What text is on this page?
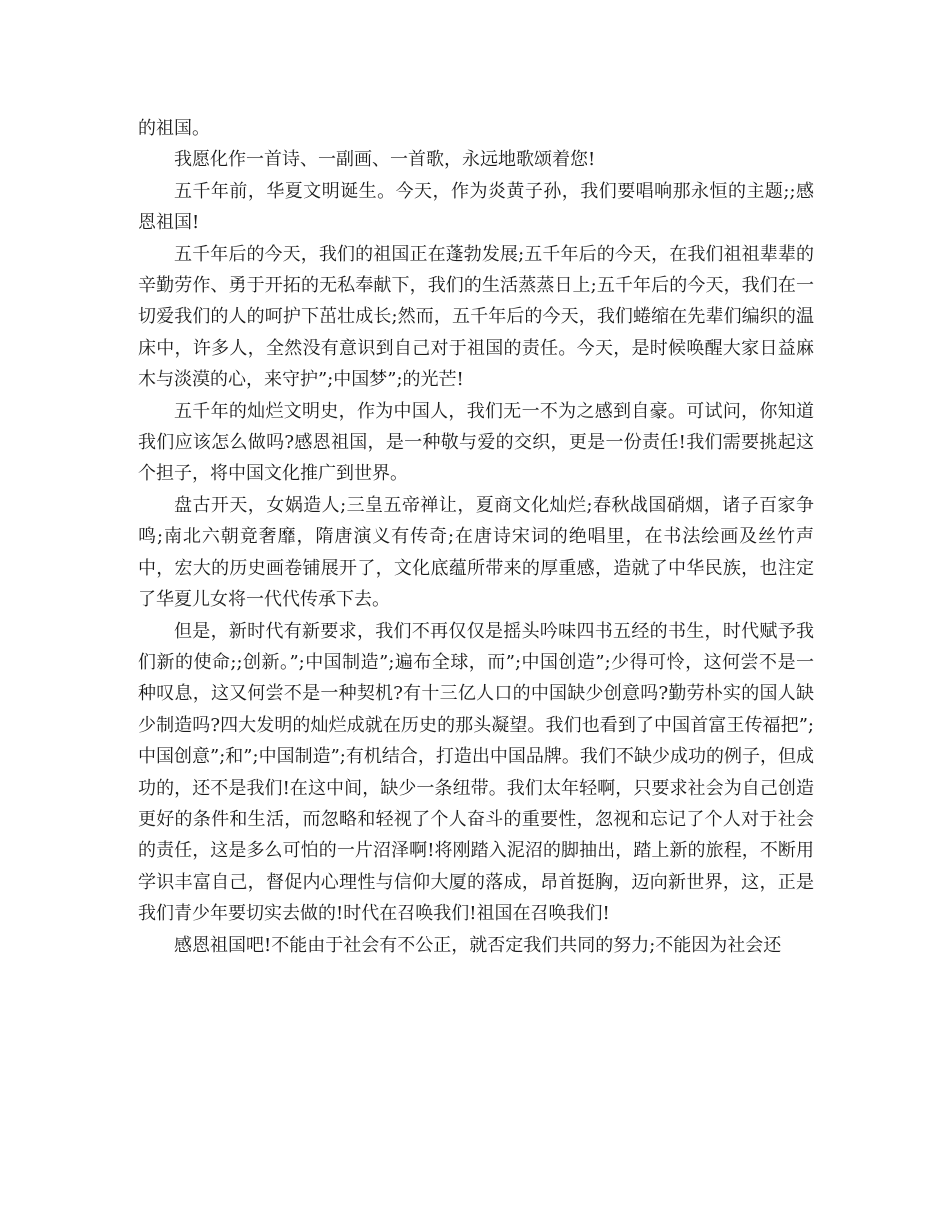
的祖国。

我愿化作一首诗、一副画、一首歌，永远地歌颂着您!

五千年前，华夏文明诞生。今天，作为炎黄子孙，我们要唱响那永恒的主题;;感恩祖国!

五千年后的今天，我们的祖国正在蓬勃发展;五千年后的今天，在我们祖祖辈辈的辛勤劳作、勇于开拓的无私奉献下，我们的生活蒸蒸日上;五千年后的今天，我们在一切爱我们的人的呵护下茁壮成长;然而，五千年后的今天，我们蜷缩在先辈们编织的温床中，许多人，全然没有意识到自己对于祖国的责任。今天，是时候唤醒大家日益麻木与淡漠的心，来守护”;中国梦”;的光芒!

五千年的灿烂文明史，作为中国人，我们无一不为之感到自豪。可试问，你知道我们应该怎么做吗?感恩祖国，是一种敬与爱的交织，更是一份责任!我们需要挑起这个担子，将中国文化推广到世界。

盘古开天，女娲造人;三皇五帝禅让，夏商文化灿烂;春秋战国硝烟，诸子百家争鸣;南北六朝竟奢靡，隋唐演义有传奇;在唐诗宋词的绝唱里，在书法绘画及丝竹声中，宏大的历史画卷铺展开了，文化底蕴所带来的厚重感，造就了中华民族，也注定了华夏儿女将一代代传承下去。

但是，新时代有新要求，我们不再仅仅是摇头吟味四书五经的书生，时代赋予我们新的使命;;创新。”;中国制造”;遍布全球，而”;中国创造”;少得可怜，这何尝不是一种叹息，这又何尝不是一种契机?有十三亿人口的中国缺少创意吗?勤劳朴实的国人缺少制造吗?四大发明的灿烂成就在历史的那头凝望。我们也看到了中国首富王传福把”;中国创意”;和”;中国制造”;有机结合，打造出中国品牌。我们不缺少成功的例子，但成功的，还不是我们!在这中间，缺少一条纽带。我们太年轻啊，只要求社会为自己创造更好的条件和生活，而忽略和轻视了个人奋斗的重要性，忽视和忘记了个人对于社会的责任，这是多么可怕的一片沼泽啊!将刚踏入泥沼的脚抽出，踏上新的旅程，不断用学识丰富自己，督促内心理性与信仰大厦的落成，昂首挺胸，迈向新世界，这，正是我们青少年要切实去做的!时代在召唤我们!祖国在召唤我们!

感恩祖国吧!不能由于社会有不公正，就否定我们共同的努力;不能因为社会还
